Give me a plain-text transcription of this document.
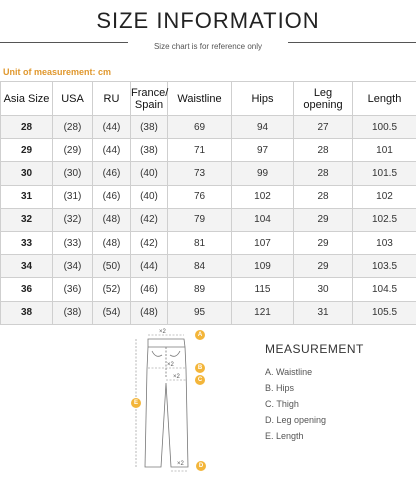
SIZE INFORMATION
Size chart is for reference only
Unit of measurement: cm
Asia Size	USA	RU	France/ Spain	Waistline	Hips	Leg opening	Length
28	(28)	(44)	(38)	69	94	27	100.5
29	(29)	(44)	(38)	71	97	28	101
30	(30)	(46)	(40)	73	99	28	101.5
31	(31)	(46)	(40)	76	102	28	102
32	(32)	(48)	(42)	79	104	29	102.5
33	(33)	(48)	(42)	81	107	29	103
34	(34)	(50)	(44)	84	109	29	103.5
36	(36)	(52)	(46)	89	115	30	104.5
38	(38)	(54)	(48)	95	121	31	105.5
×2
×2
×2
×2
A
B
C
D
E
MEASUREMENT
A. Waistline
B. Hips
C. Thigh
D. Leg opening
E. Length
